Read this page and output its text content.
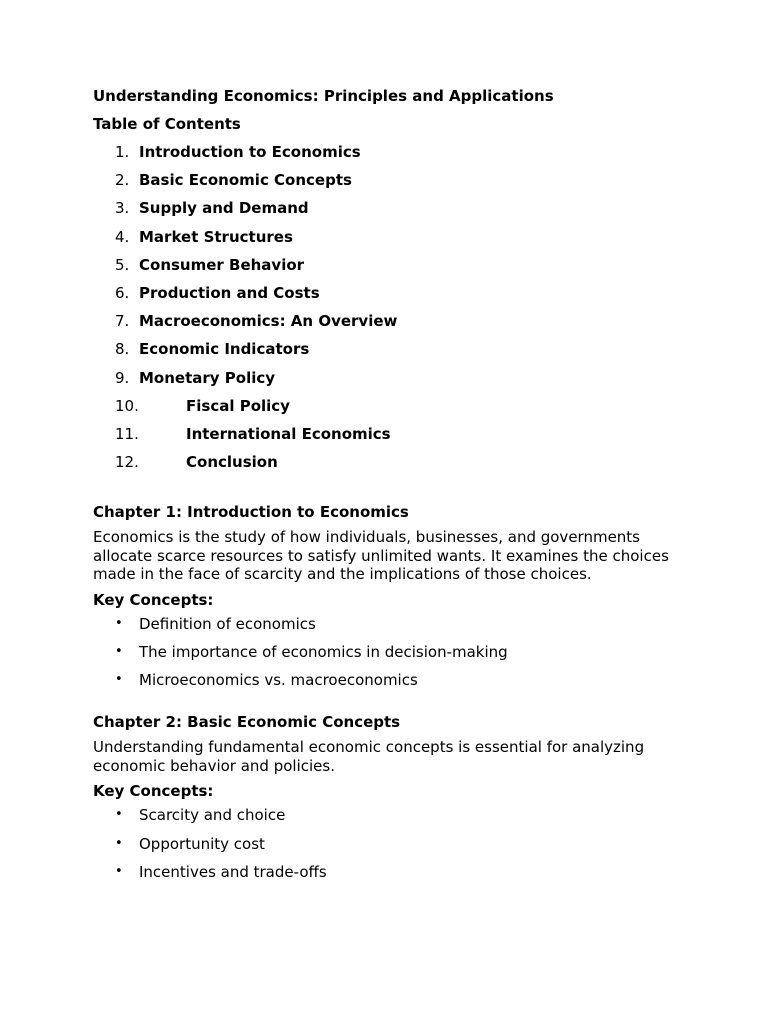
Understanding Economics: Principles and Applications
Table of Contents
1. Introduction to Economics
2. Basic Economic Concepts
3. Supply and Demand
4. Market Structures
5. Consumer Behavior
6. Production and Costs
7. Macroeconomics: An Overview
8. Economic Indicators
9. Monetary Policy
10.	Fiscal Policy
11.	International Economics
12.	Conclusion
Chapter 1: Introduction to Economics
Economics is the study of how individuals, businesses, and governments allocate scarce resources to satisfy unlimited wants. It examines the choices made in the face of scarcity and the implications of those choices.
Key Concepts:
• Definition of economics
• The importance of economics in decision-making
• Microeconomics vs. macroeconomics
Chapter 2: Basic Economic Concepts
Understanding fundamental economic concepts is essential for analyzing economic behavior and policies.
Key Concepts:
• Scarcity and choice
• Opportunity cost
• Incentives and trade-offs
